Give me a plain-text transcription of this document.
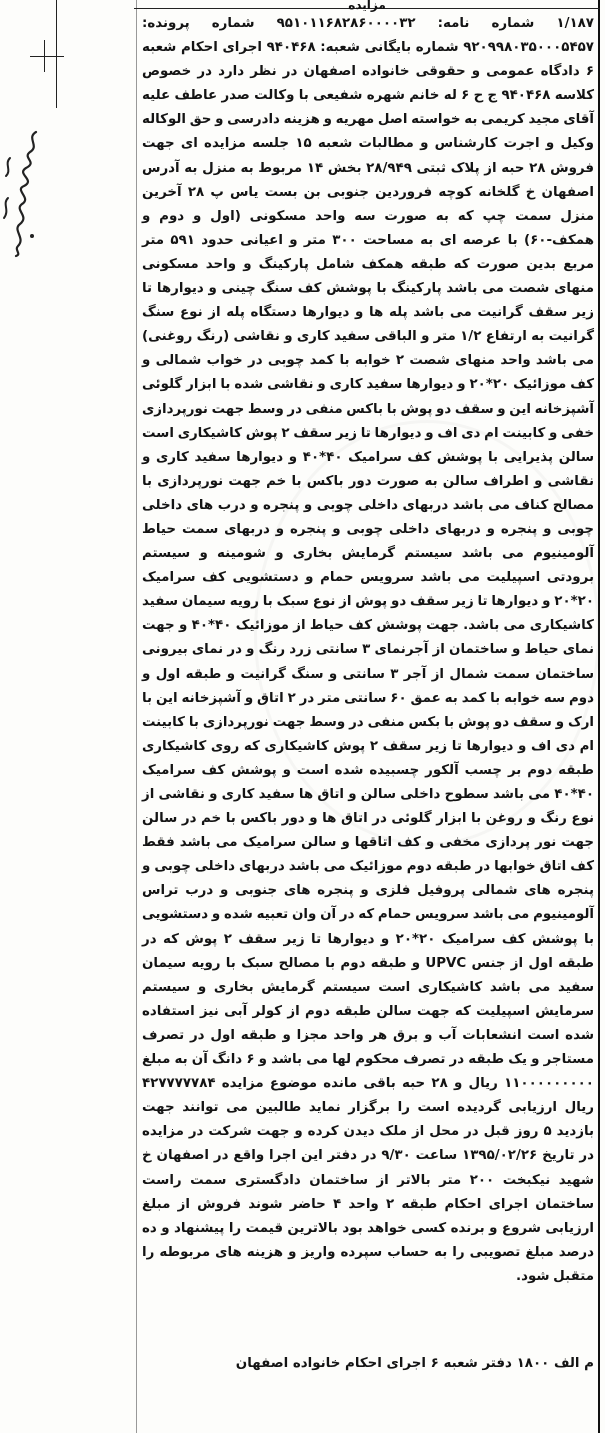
مزایده
۱/۱۸۷ شماره نامه: ۹۵۱۰۱۱۶۸۲۸۶۰۰۰۰۳۲ شماره پرونده: ۹۲۰۹۹۸۰۳۵۰۰۰۵۴۵۷ شماره بایگانی شعبه: ۹۴۰۴۶۸ اجرای احکام شعبه ۶ دادگاه عمومی و حقوقی خانواده اصفهان در نظر دارد در خصوص کلاسه ۹۴۰۴۶۸ ج ح ۶ له خانم شهره شفیعی با وکالت صدر عاطف علیه آقای مجید کریمی به خواسته اصل مهریه و هزینه دادرسی و حق الوکاله وکیل و اجرت کارشناس و مطالبات شعبه ۱۵ جلسه مزایده ای جهت فروش ۲۸ حبه از پلاک ثبتی ۲۸/۹۴۹ بخش ۱۴ مربوط به منزل به آدرس اصفهان خ گلخانه کوچه فروردین جنوبی بن بست یاس پ ۲۸ آخرین منزل سمت چپ که به صورت سه واحد مسکونی (اول و دوم و همکف-۶۰) با عرصه ای به مساحت ۳۰۰ متر و اعیانی حدود ۵۹۱ متر مربع بدین صورت که طبقه همکف شامل پارکینگ و واحد مسکونی منهای شصت می باشد پارکینگ با پوشش کف سنگ چینی و دیوارها تا زیر سقف گرانیت می باشد پله ها و دیوارها دستگاه پله از نوع سنگ گرانیت به ارتفاع ۱/۲ متر و الباقی سفید کاری و نقاشی (رنگ روغنی) می باشد واحد منهای شصت ۲ خوابه با کمد چوبی در خواب شمالی و کف موزائیک ۲۰*۲۰ و دیوارها سفید کاری و نقاشی شده با ابزار گلوئی آشپزخانه این و سقف دو پوش با باکس منفی در وسط جهت نورپردازی خفی و کابینت ام دی اف و دیوارها تا زیر سقف ۲ پوش کاشیکاری است سالن پذیرایی با پوشش کف سرامیک ۴۰*۴۰ و دیوارها سفید کاری و نقاشی و اطراف سالن به صورت دور باکس با خم جهت نورپردازی با مصالح کناف می باشد دربهای داخلی چوبی و پنجره و درب های داخلی چوبی و پنجره و دربهای داخلی چوبی و پنجره و دربهای سمت حیاط آلومینیوم می باشد سیستم گرمایش بخاری و شومینه و سیستم برودتی اسپیلیت می باشد سرویس حمام و دستشویی کف سرامیک ۲۰*۲۰ و دیوارها تا زیر سقف دو پوش از نوع سبک با رویه سیمان سفید کاشیکاری می باشد. جهت پوشش کف حیاط از موزائیک ۴۰*۴۰ و جهت نمای حیاط و ساختمان از آجرنمای ۳ سانتی زرد رنگ و در نمای بیرونی ساختمان سمت شمال از آجر ۳ سانتی و سنگ گرانیت و طبقه اول و دوم سه خوابه با کمد به عمق ۶۰ سانتی متر در ۲ اتاق و آشپزخانه این با ارک و سقف دو پوش با بکس منفی در وسط جهت نورپردازی با کابینت ام دی اف و دیوارها تا زیر سقف ۲ پوش کاشیکاری که روی کاشیکاری طبقه دوم بر چسب آلکور چسبیده شده است و پوشش کف سرامیک ۴۰*۴۰ می باشد سطوح داخلی سالن و اتاق ها سفید کاری و نقاشی از نوع رنگ و روغن با ابزار گلوئی در اتاق ها و دور باکس با خم در سالن جهت نور پردازی مخفی و کف اتاقها و سالن سرامیک می باشد فقط کف اتاق خوابها در طبقه دوم موزائیک می باشد دربهای داخلی چوبی و پنجره های شمالی پروفیل فلزی و پنجره های جنوبی و درب تراس آلومینیوم می باشد سرویس حمام که در آن وان تعبیه شده و دستشویی با پوشش کف سرامیک ۲۰*۲۰ و دیوارها تا زیر سقف ۲ پوش که در طبقه اول از جنس UPVC و طبقه دوم با مصالح سبک با رویه سیمان سفید می باشد کاشیکاری است سیستم گرمایش بخاری و سیستم سرمایش اسپیلیت که جهت سالن طبقه دوم از کولر آبی نیز استفاده شده است انشعابات آب و برق هر واحد مجزا و طبقه اول در تصرف مستاجر و یک طبقه در تصرف محکوم لها می باشد و ۶ دانگ آن به مبلغ ۱۱۰۰۰۰۰۰۰۰۰ ریال و ۲۸ حبه باقی مانده موضوع مزایده ۴۲۷۷۷۷۷۸۴ ریال ارزیابی گردیده است را برگزار نماید طالبین می توانند جهت بازدید ۵ روز قبل در محل از ملک دیدن کرده و جهت شرکت در مزایده در تاریخ ۱۳۹۵/۰۲/۲۶ ساعت ۹/۳۰ در دفتر این اجرا واقع در اصفهان خ شهید نیکبخت ۲۰۰ متر بالاتر از ساختمان دادگستری سمت راست ساختمان اجرای احکام طبقه ۲ واحد ۴ حاضر شوند فروش از مبلغ ارزیابی شروع و برنده کسی خواهد بود بالاترین قیمت را پیشنهاد و ده درصد مبلغ تصویبی را به حساب سپرده واریز و هزینه های مربوطه را متقبل شود.
م الف ۱۸۰۰ دفتر شعبه ۶ اجرای احکام خانواده اصفهان
